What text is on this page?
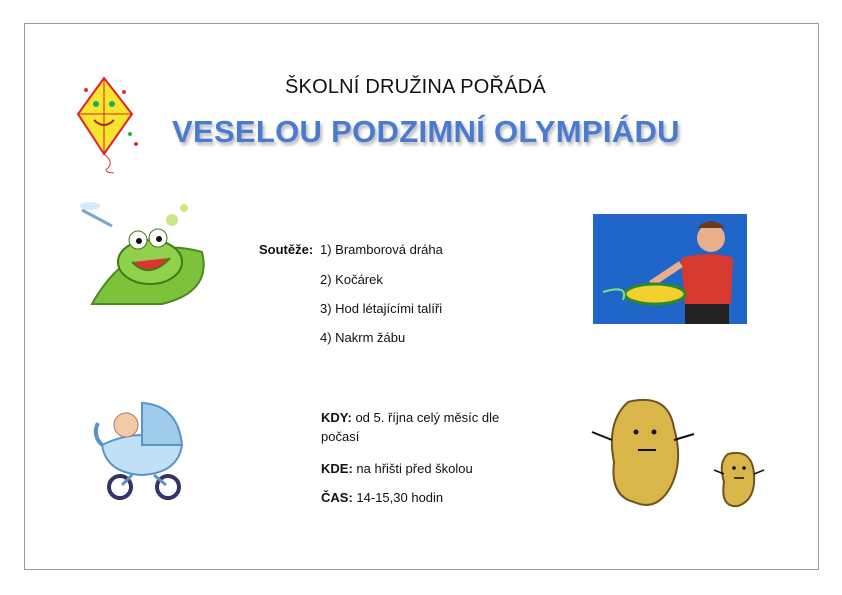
ŠKOLNÍ DRUŽINA POŘÁDÁ
VESELOU PODZIMNÍ OLYMPIÁDU
Soutěže: 1) Bramborová dráha
2) Kočárek
3) Hod létajícími talíři
4) Nakrm žábu
KDY: od 5. října celý měsíc dle počasí
KDE: na hřišti před školou
ČAS: 14-15,30 hodin
